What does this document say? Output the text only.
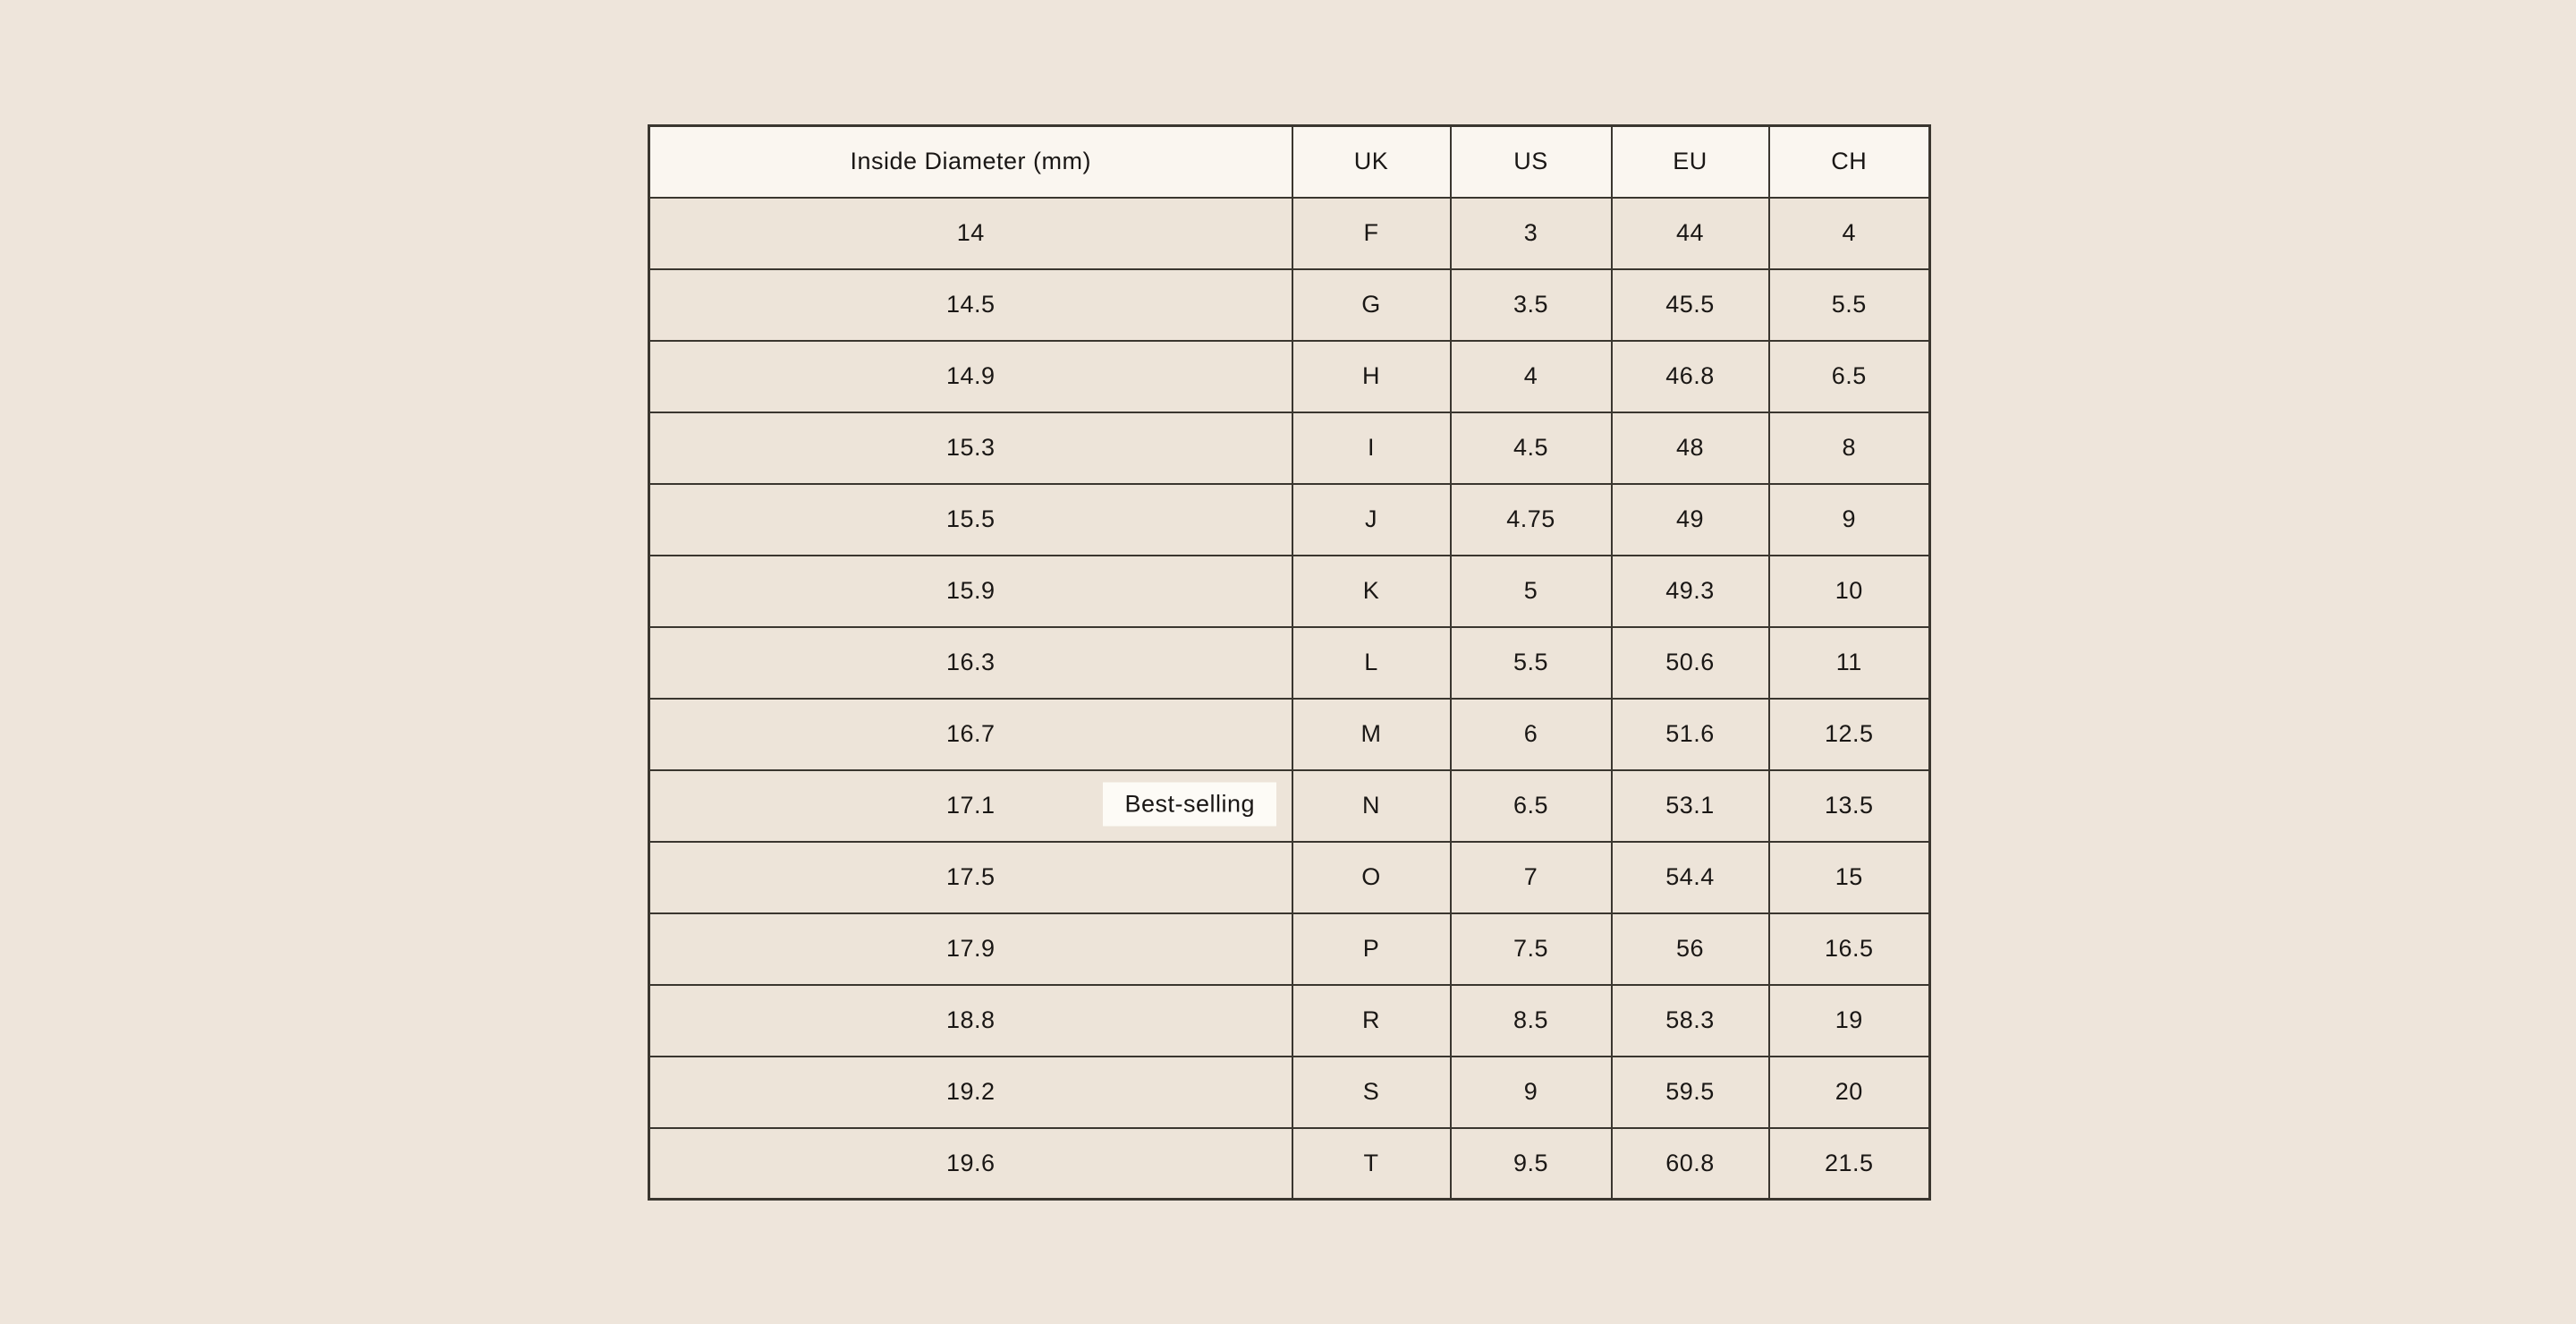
Inside Diameter (mm)	UK	US	EU	CH
14	F	3	44	4
14.5	G	3.5	45.5	5.5
14.9	H	4	46.8	6.5
15.3	I	4.5	48	8
15.5	J	4.75	49	9
15.9	K	5	49.3	10
16.3	L	5.5	50.6	11
16.7	M	6	51.6	12.5
17.1	N	6.5	53.1	13.5
17.5	O	7	54.4	15
17.9	P	7.5	56	16.5
18.8	R	8.5	58.3	19
19.2	S	9	59.5	20
19.6	T	9.5	60.8	21.5
Best-selling
